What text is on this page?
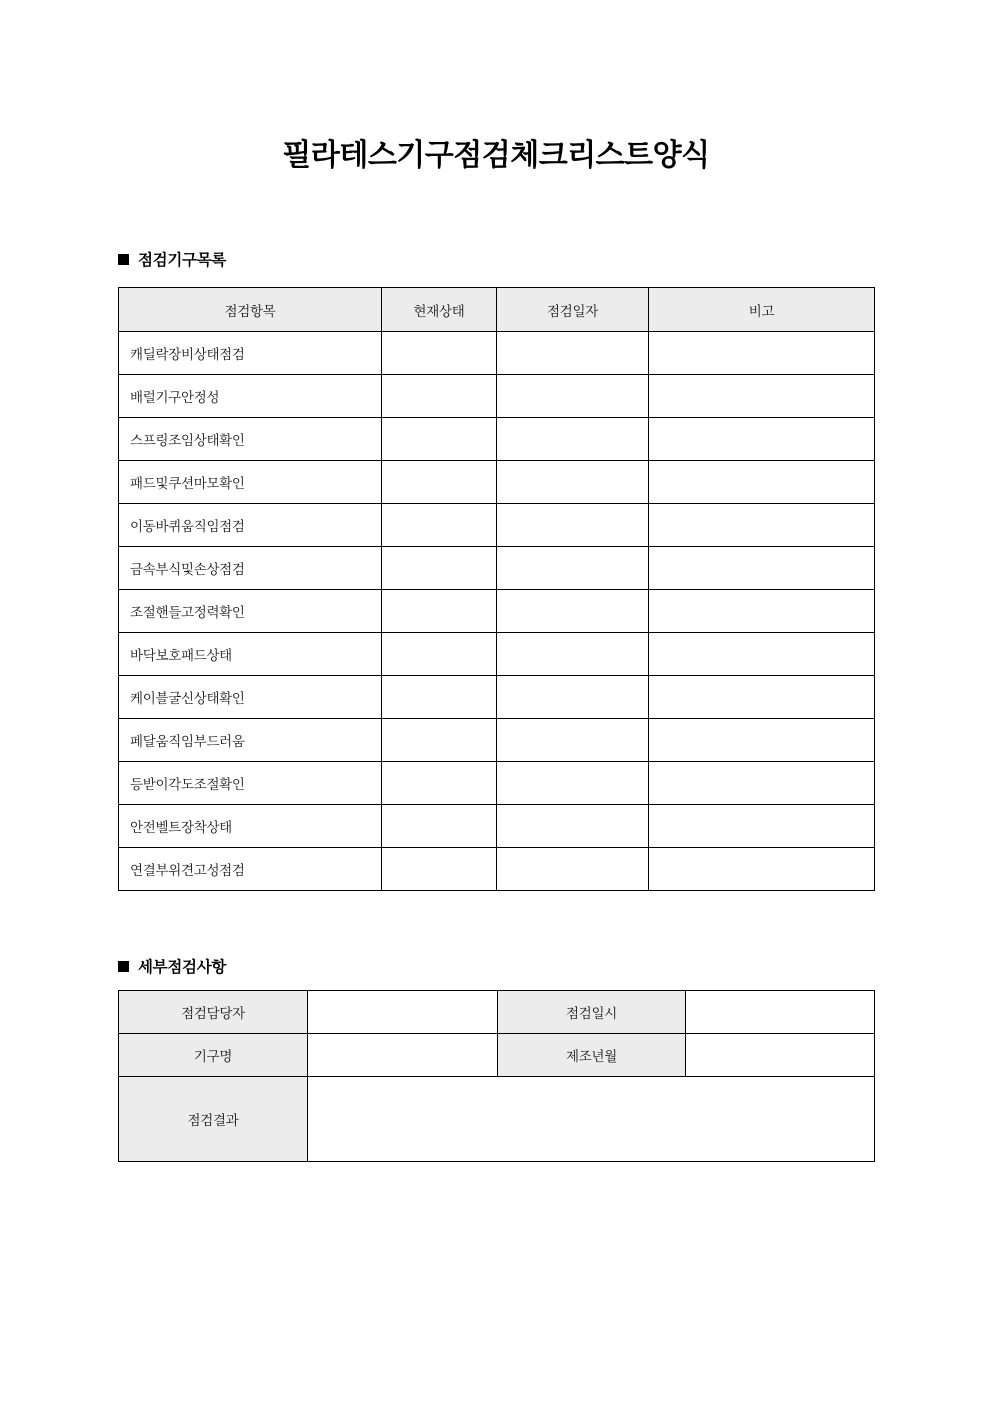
필라테스기구점검체크리스트양식
점검기구목록
점검항목	현재상태	점검일자	비고
캐딜락장비상태점검			
배럴기구안정성			
스프링조임상태확인			
패드및쿠션마모확인			
이동바퀴움직임점검			
금속부식및손상점검			
조절핸들고정력확인			
바닥보호패드상태			
케이블굴신상태확인			
페달움직임부드러움			
등받이각도조절확인			
안전벨트장착상태			
연결부위견고성점검			
세부점검사항
점검담당자		점검일시	
기구명		제조년월	
점검결과			
